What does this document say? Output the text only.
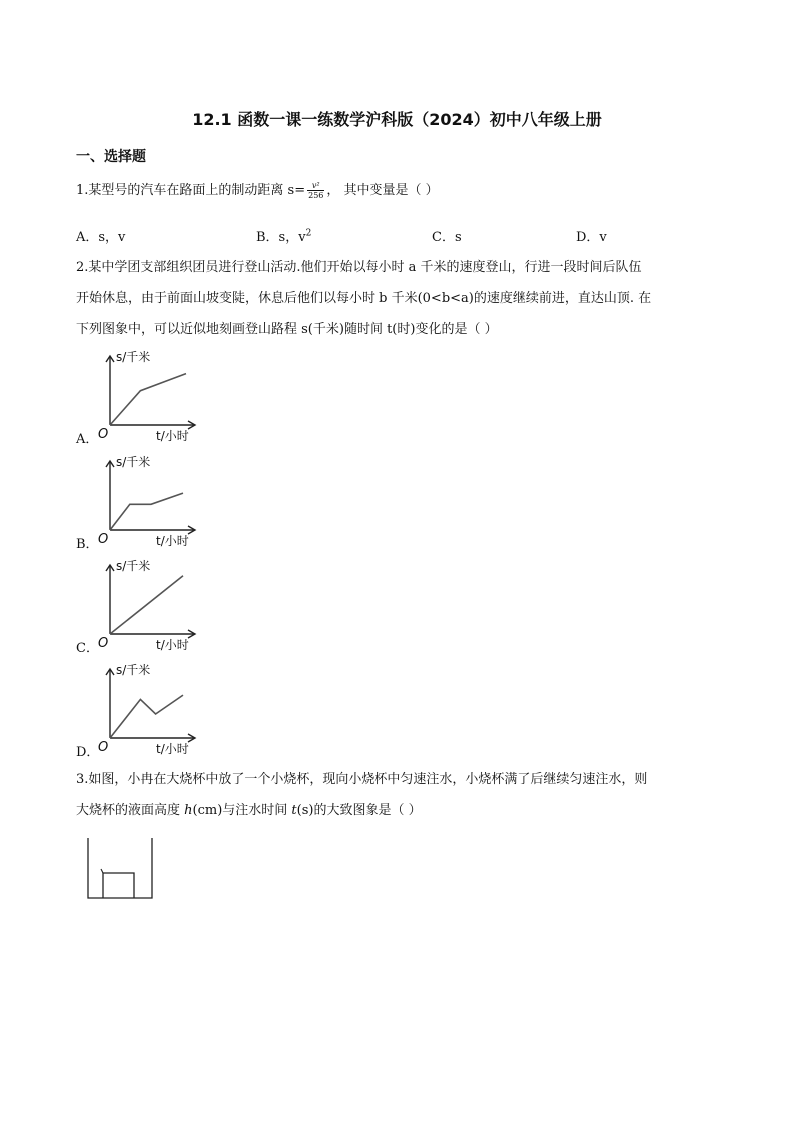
12.1 函数一课一练数学沪科版（2024）初中八年级上册
一、选择题
1.某型号的汽车在路面上的制动距离 $s= \frac{\text{v²}}{256}$ ， 其中变量是（ ）
A．s，v	B．s，$v^2$	C．s	D．v
2.某中学团支部组织团员进行登山活动.他们开始以每小时 a 千米的速度登山，行进一段时间后队伍
开始休息，由于前面山坡变陡，休息后他们以每小时 b 千米(0<b<a)的速度继续前进，直达山顶. 在
下列图象中，可以近似地刻画登山路程 s(千米)随时间 t(时)变化的是（ ）
A．
s/千米
t/小时
O
B．
s/千米
t/小时
O
C．
s/千米
t/小时
O
D．
s/千米
t/小时
O
3.如图，小冉在大烧杯中放了一个小烧杯，现向小烧杯中匀速注水，小烧杯满了后继续匀速注水，则
大烧杯的液面高度 h(cm)与注水时间 t(s)的大致图象是（ ）
